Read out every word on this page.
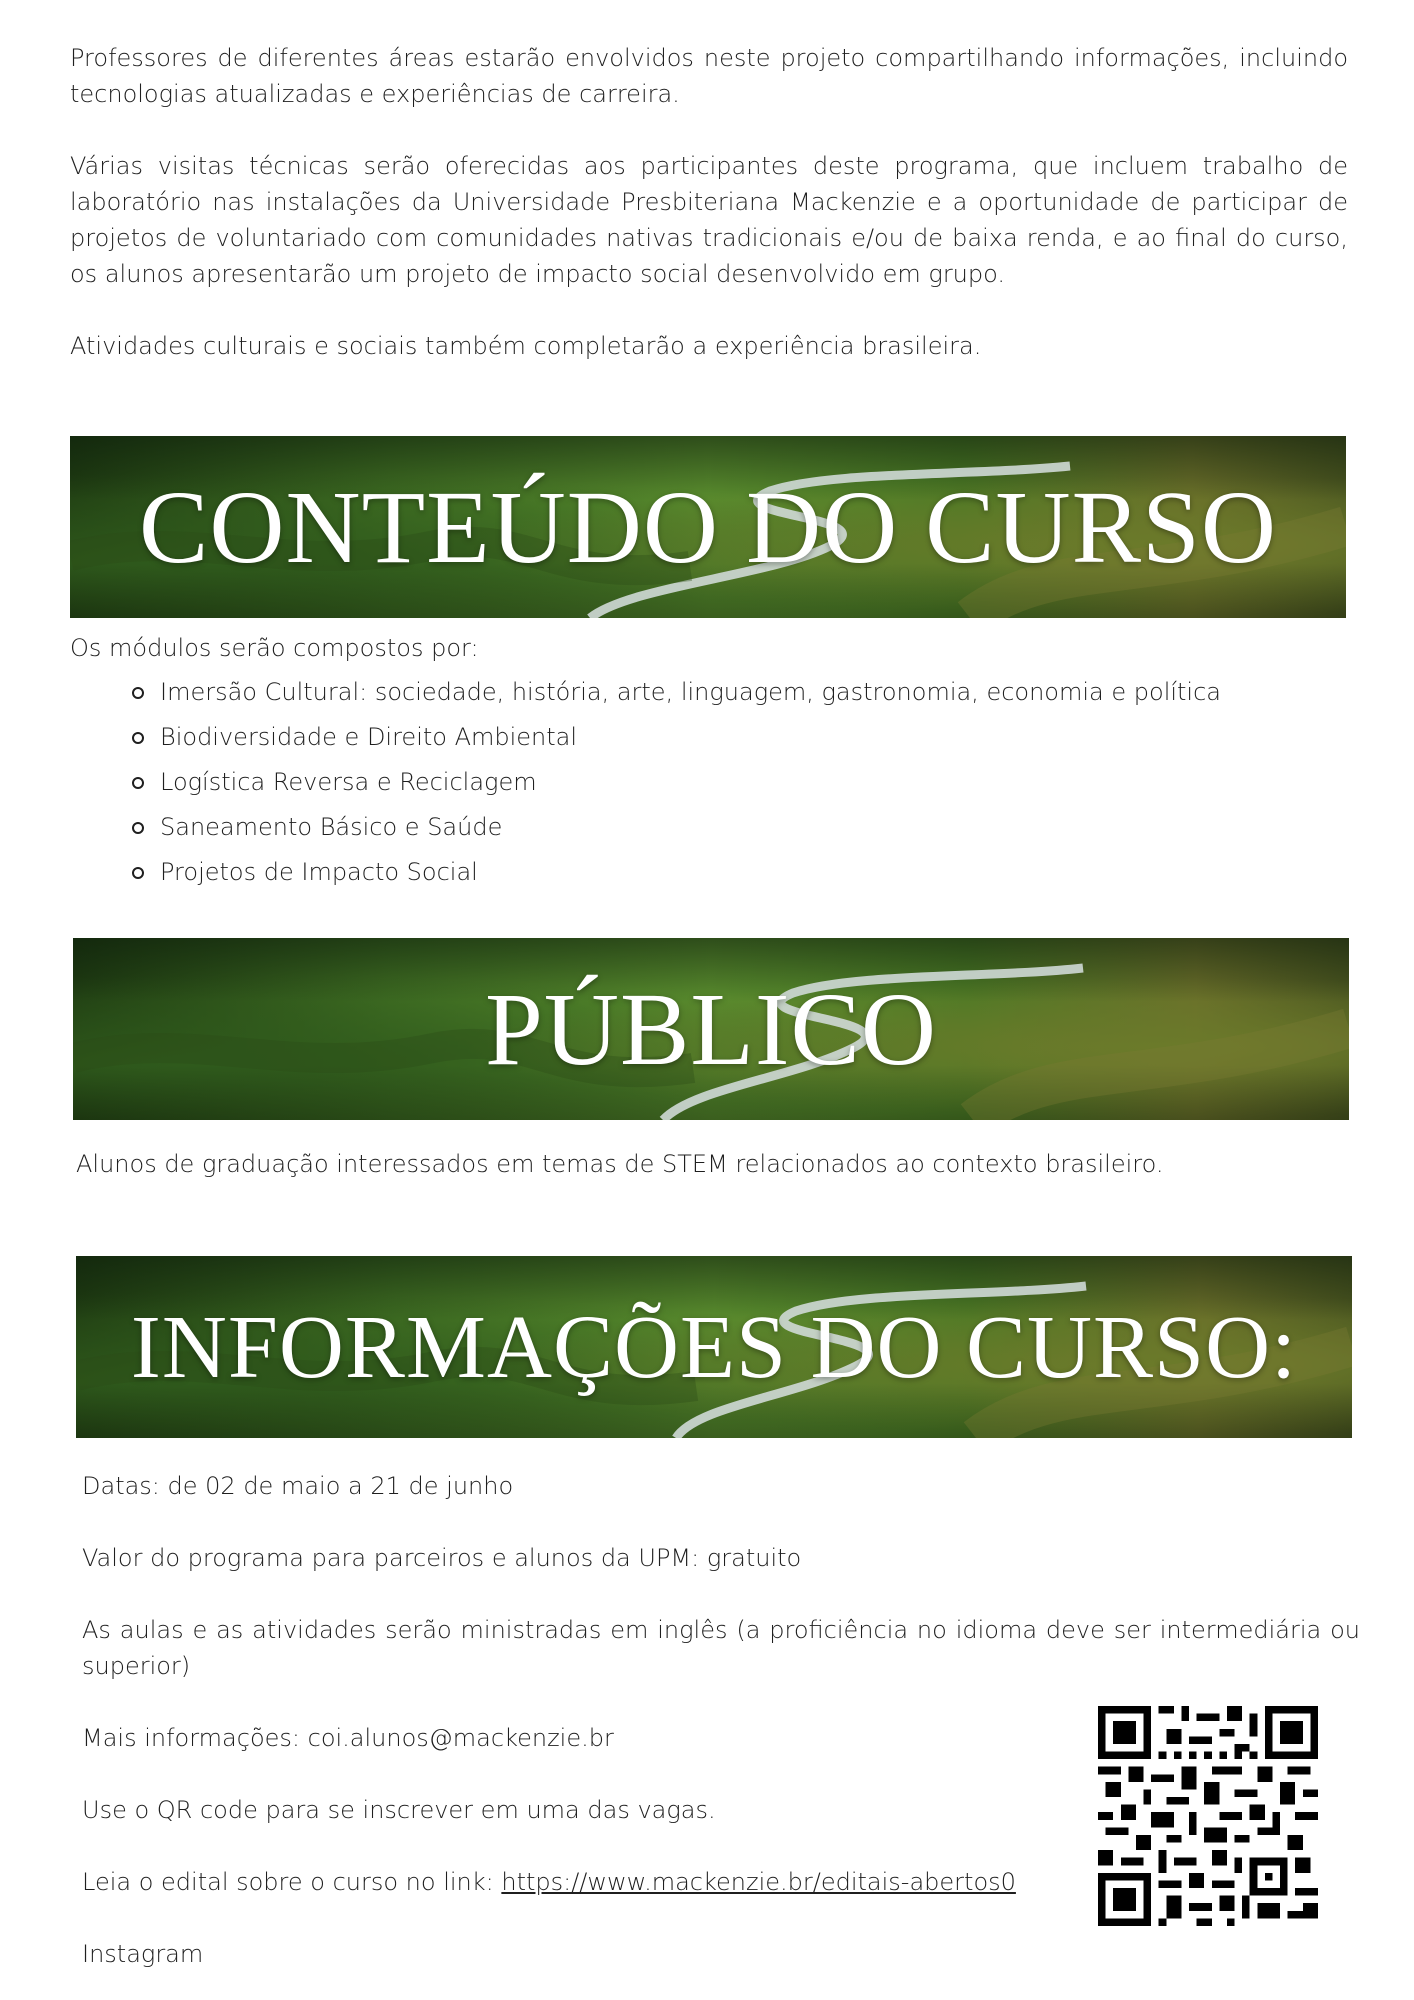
Professores de diferentes áreas estarão envolvidos neste projeto compartilhando informações, incluindo tecnologias atualizadas e experiências de carreira.

Várias visitas técnicas serão oferecidas aos participantes deste programa, que incluem trabalho de laboratório nas instalações da Universidade Presbiteriana Mackenzie e a oportunidade de participar de projetos de voluntariado com comunidades nativas tradicionais e/ou de baixa renda, e ao final do curso, os alunos apresentarão um projeto de impacto social desenvolvido em grupo.

Atividades culturais e sociais também completarão a experiência brasileira.

CONTEÚDO DO CURSO

Os módulos serão compostos por:

Imersão Cultural: sociedade, história, arte, linguagem, gastronomia, economia e política
Biodiversidade e Direito Ambiental
Logística Reversa e Reciclagem
Saneamento Básico e Saúde
Projetos de Impacto Social
PÚBLICO

Alunos de graduação interessados em temas de STEM relacionados ao contexto brasileiro.

INFORMAÇÕES DO CURSO:

Datas: de 02 de maio a 21 de junho

Valor do programa para parceiros e alunos da UPM: gratuito

As aulas e as atividades serão ministradas em inglês (a proficiência no idioma deve ser intermediária ou superior)

Mais informações: coi.alunos@mackenzie.br

Use o QR code para se inscrever em uma das vagas.

Leia o edital sobre o curso no link: https://www.mackenzie.br/editais-abertos0

Instagram
